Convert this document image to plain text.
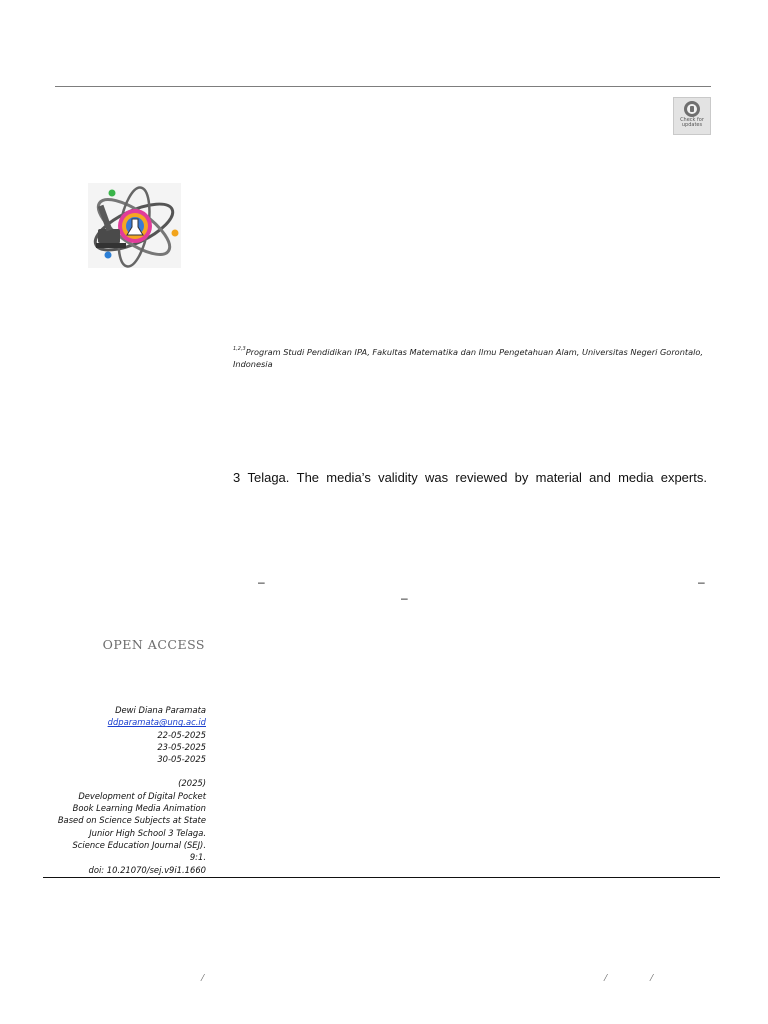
Check for updates
$^{1,2,3}$Program Studi Pendidikan IPA, Fakultas Matematika dan Ilmu Pengetahuan Alam, Universitas Negeri Gorontalo, Indonesia
3 Telaga. The media’s validity was reviewed by material and media experts.
–	–
–
OPEN ACCESS
Dewi Diana Paramata
ddparamata@ung.ac.id
22-05-2025
23-05-2025
30-05-2025
(2025)
Development of Digital Pocket
Book Learning Media Animation
Based on Science Subjects at State
Junior High School 3 Telaga.
Science Education Journal (SEJ).
9:1.
doi: 10.21070/sej.v9i1.1660
/	/	/
